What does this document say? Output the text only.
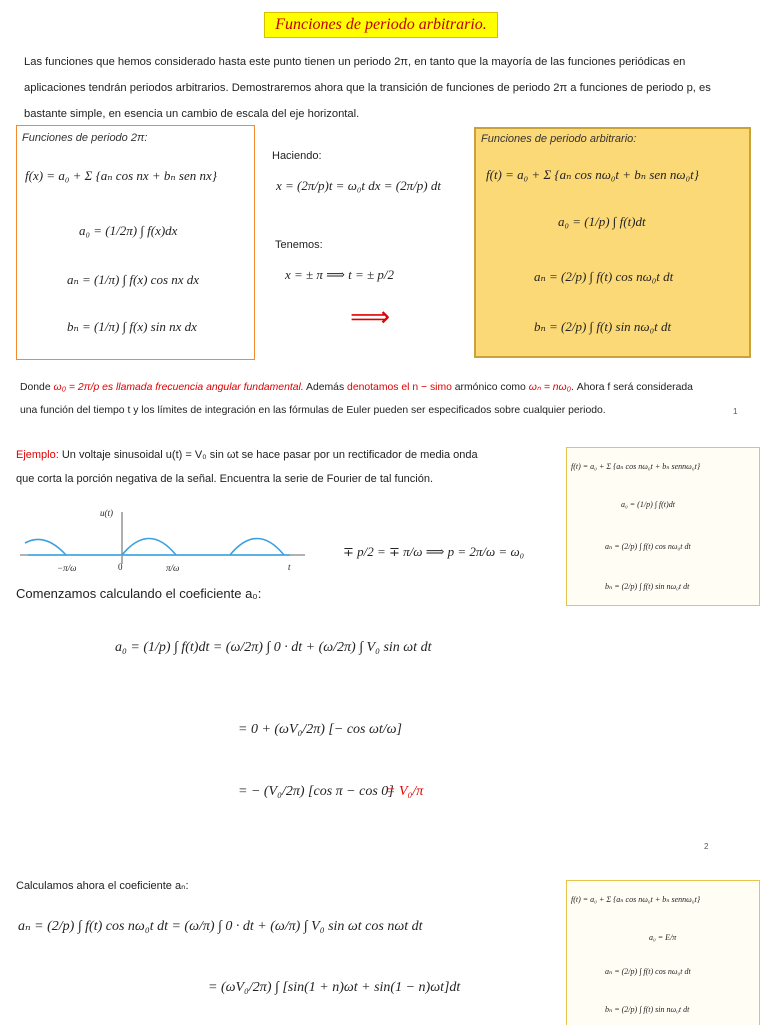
Funciones de periodo arbitrario.
Las funciones que hemos considerado hasta este punto tienen un periodo 2π, en tanto que la mayoría de las funciones periódicas en
aplicaciones tendrán periodos arbitrarios. Demostraremos ahora que la transición de funciones de periodo 2π a funciones de periodo p, es
bastante simple, en esencia un cambio de escala del eje horizontal.
Funciones de periodo 2π:
f(x) = a₀ + Σ {aₙ cos nx + bₙ sen nx}
a₀ = (1/2π) ∫ f(x)dx
aₙ = (1/π) ∫ f(x) cos nx dx
bₙ = (1/π) ∫ f(x) sin nx dx
Haciendo:
x = (2π/p)t = ω₀t dx = (2π/p) dt
Tenemos:
x = ± π ⟹ t = ± p/2
⟹
Funciones de periodo arbitrario:
f(t) = a₀ + Σ {aₙ cos nω₀t + bₙ sen nω₀t}
a₀ = (1/p) ∫ f(t)dt
aₙ = (2/p) ∫ f(t) cos nω₀t dt
bₙ = (2/p) ∫ f(t) sin nω₀t dt
Donde ω₀ = 2π/p es llamada frecuencia angular fundamental. Además denotamos el n − simo armónico como ωₙ = nω₀. Ahora f será considerada
una función del tiempo t y los límites de integración en las fórmulas de Euler pueden ser especificados sobre cualquier periodo.	1
Ejemplo: Un voltaje sinusoidal u(t) = V₀ sin ωt se hace pasar por un rectificador de media onda
que corta la porción negativa de la señal. Encuentra la serie de Fourier de tal función.
u(t)
t
−π/ω	0	π/ω
∓ p/2 = ∓ π/ω ⟹ p = 2π/ω = ω₀
f(t) = a₀ + Σ {aₙ cos nω₀t + bₙ sennω₀t}
a₀ = (1/p) ∫ f(t)dt
aₙ = (2/p) ∫ f(t) cos nω₀t dt
bₙ = (2/p) ∫ f(t) sin nω₀t dt
Comenzamos calculando el coeficiente a₀:
a₀ = (1/p) ∫ f(t)dt = (ω/2π) ∫ 0 · dt + (ω/2π) ∫ V₀ sin ωt dt
= 0 + (ωV₀/2π) [− cos ωt/ω]
= − (V₀/2π) [cos π − cos 0]
= V₀/π
2
Calculamos ahora el coeficiente aₙ:
aₙ = (2/p) ∫ f(t) cos nω₀t dt = (ω/π) ∫ 0 · dt + (ω/π) ∫ V₀ sin ωt cos nωt dt
= (ωV₀/2π) ∫ [sin(1 + n)ωt + sin(1 − n)ωt]dt
f(t) = a₀ + Σ {aₙ cos nω₀t + bₙ sennω₀t}
a₀ = E/π
aₙ = (2/p) ∫ f(t) cos nω₀t dt
bₙ = (2/p) ∫ f(t) sin nω₀t dt
